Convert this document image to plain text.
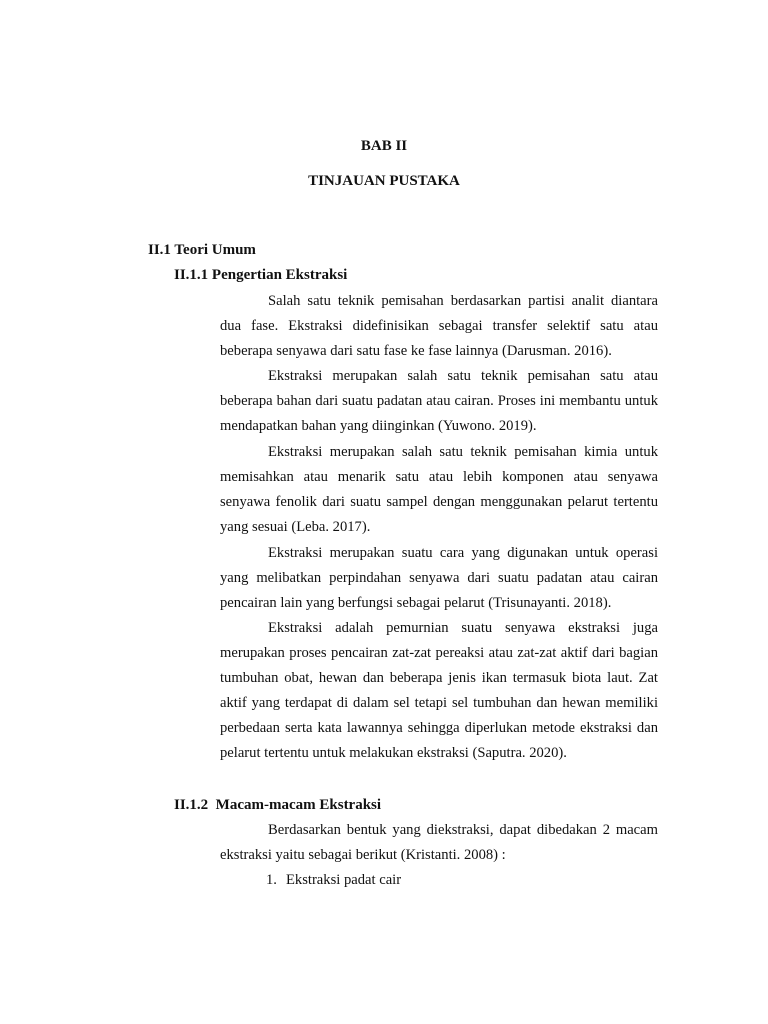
BAB II
TINJAUAN PUSTAKA
II.1 Teori Umum
II.1.1 Pengertian Ekstraksi

Salah satu teknik pemisahan berdasarkan partisi analit diantara dua fase. Ekstraksi didefinisikan sebagai transfer selektif satu atau beberapa senyawa dari satu fase ke fase lainnya (Darusman. 2016).

Ekstraksi merupakan salah satu teknik pemisahan satu atau beberapa bahan dari suatu padatan atau cairan. Proses ini membantu untuk mendapatkan bahan yang diinginkan (Yuwono. 2019).

Ekstraksi merupakan salah satu teknik pemisahan kimia untuk memisahkan atau menarik satu atau lebih komponen atau senyawa senyawa fenolik dari suatu sampel dengan menggunakan pelarut tertentu yang sesuai (Leba. 2017).

Ekstraksi merupakan suatu cara yang digunakan untuk operasi yang melibatkan perpindahan senyawa dari suatu padatan atau cairan pencairan lain yang berfungsi sebagai pelarut (Trisunayanti. 2018).

Ekstraksi adalah pemurnian suatu senyawa ekstraksi juga merupakan proses pencairan zat-zat pereaksi atau zat-zat aktif dari bagian tumbuhan obat, hewan dan beberapa jenis ikan termasuk biota laut. Zat aktif yang terdapat di dalam sel tetapi sel tumbuhan dan hewan memiliki perbedaan serta kata lawannya sehingga diperlukan metode ekstraksi dan pelarut tertentu untuk melakukan ekstraksi (Saputra. 2020).

II.1.2  Macam-macam Ekstraksi

Berdasarkan bentuk yang diekstraksi, dapat dibedakan 2 macam ekstraksi yaitu sebagai berikut (Kristanti. 2008) :

1. Ekstraksi padat cair
